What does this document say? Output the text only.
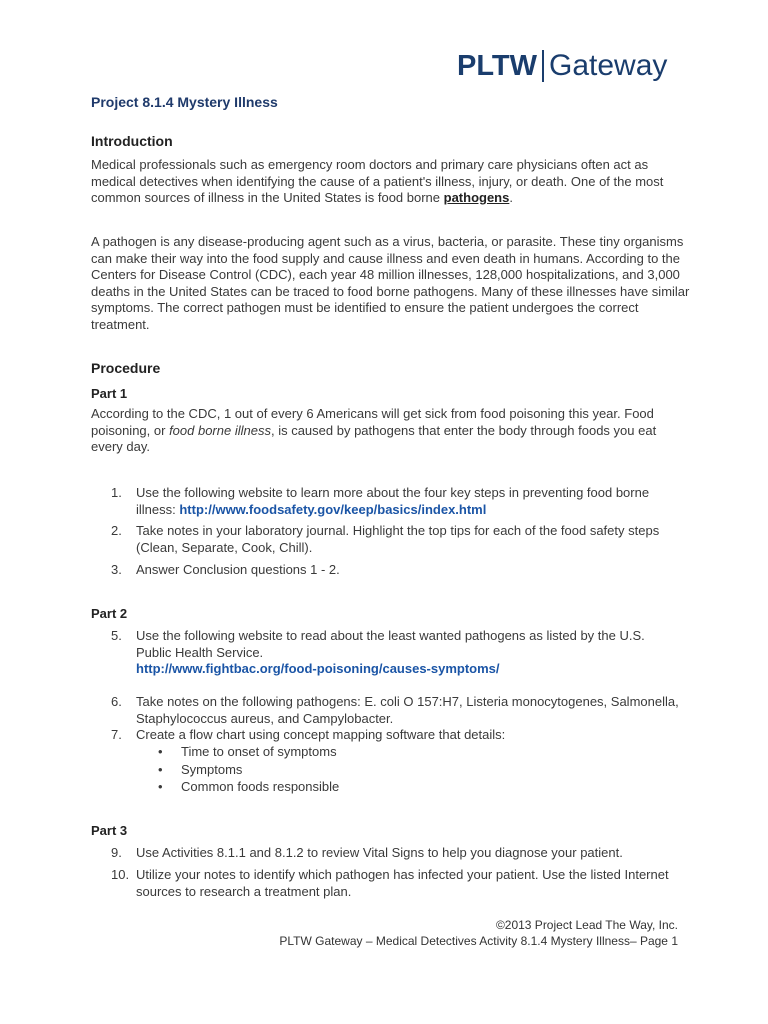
PLTW Gateway
Project 8.1.4 Mystery Illness
Introduction

Medical professionals such as emergency room doctors and primary care physicians often act as medical detectives when identifying the cause of a patient's illness, injury, or death. One of the most common sources of illness in the United States is food borne pathogens.

A pathogen is any disease-producing agent such as a virus, bacteria, or parasite. These tiny organisms can make their way into the food supply and cause illness and even death in humans. According to the Centers for Disease Control (CDC), each year 48 million illnesses, 128,000 hospitalizations, and 3,000 deaths in the United States can be traced to food borne pathogens. Many of these illnesses have similar symptoms. The correct pathogen must be identified to ensure the patient undergoes the correct treatment.

Procedure
Part 1

According to the CDC, 1 out of every 6 Americans will get sick from food poisoning this year. Food poisoning, or food borne illness, is caused by pathogens that enter the body through foods you eat every day.

1.	Use the following website to learn more about the four key steps in preventing food borne illness: http://www.foodsafety.gov/keep/basics/index.html
2.	Take notes in your laboratory journal. Highlight the top tips for each of the food safety steps (Clean, Separate, Cook, Chill).
3.	Answer Conclusion questions 1 - 2.
Part 2
5.	Use the following website to read about the least wanted pathogens as listed by the U.S. Public Health Service.
http://www.fightbac.org/food-poisoning/causes-symptoms/
6.	Take notes on the following pathogens: E. coli O 157:H7, Listeria monocytogenes, Salmonella, Staphylococcus aureus, and Campylobacter.
7.	Create a flow chart using concept mapping software that details:
• Time to onset of symptoms
• Symptoms
• Common foods responsible
Part 3
9.	Use Activities 8.1.1 and 8.1.2 to review Vital Signs to help you diagnose your patient.
10. Utilize your notes to identify which pathogen has infected your patient. Use the listed Internet sources to research a treatment plan.
©2013 Project Lead The Way, Inc.
PLTW Gateway – Medical Detectives Activity 8.1.4 Mystery Illness– Page 1
